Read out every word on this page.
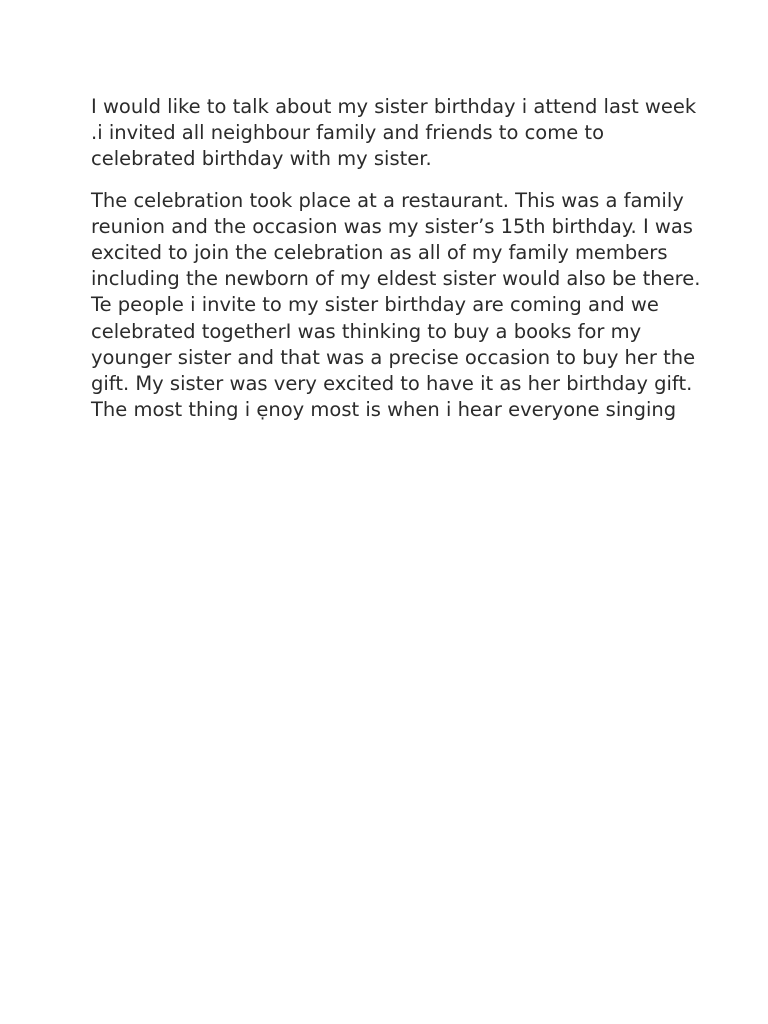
I would like to talk about my sister birthday i attend last week
.i invited all neighbour family and friends to come to
celebrated birthday with my sister.

The celebration took place at a restaurant. This was a family
reunion and the occasion was my sister’s 15th birthday. I was
excited to join the celebration as all of my family members
including the newborn of my eldest sister would also be there.
Te people i invite to my sister birthday are coming and we
celebrated togetherI was thinking to buy a books for my
younger sister and that was a precise occasion to buy her the
gift. My sister was very excited to have it as her birthday gift.
The most thing i ẹnoy most is when i hear everyone singing
